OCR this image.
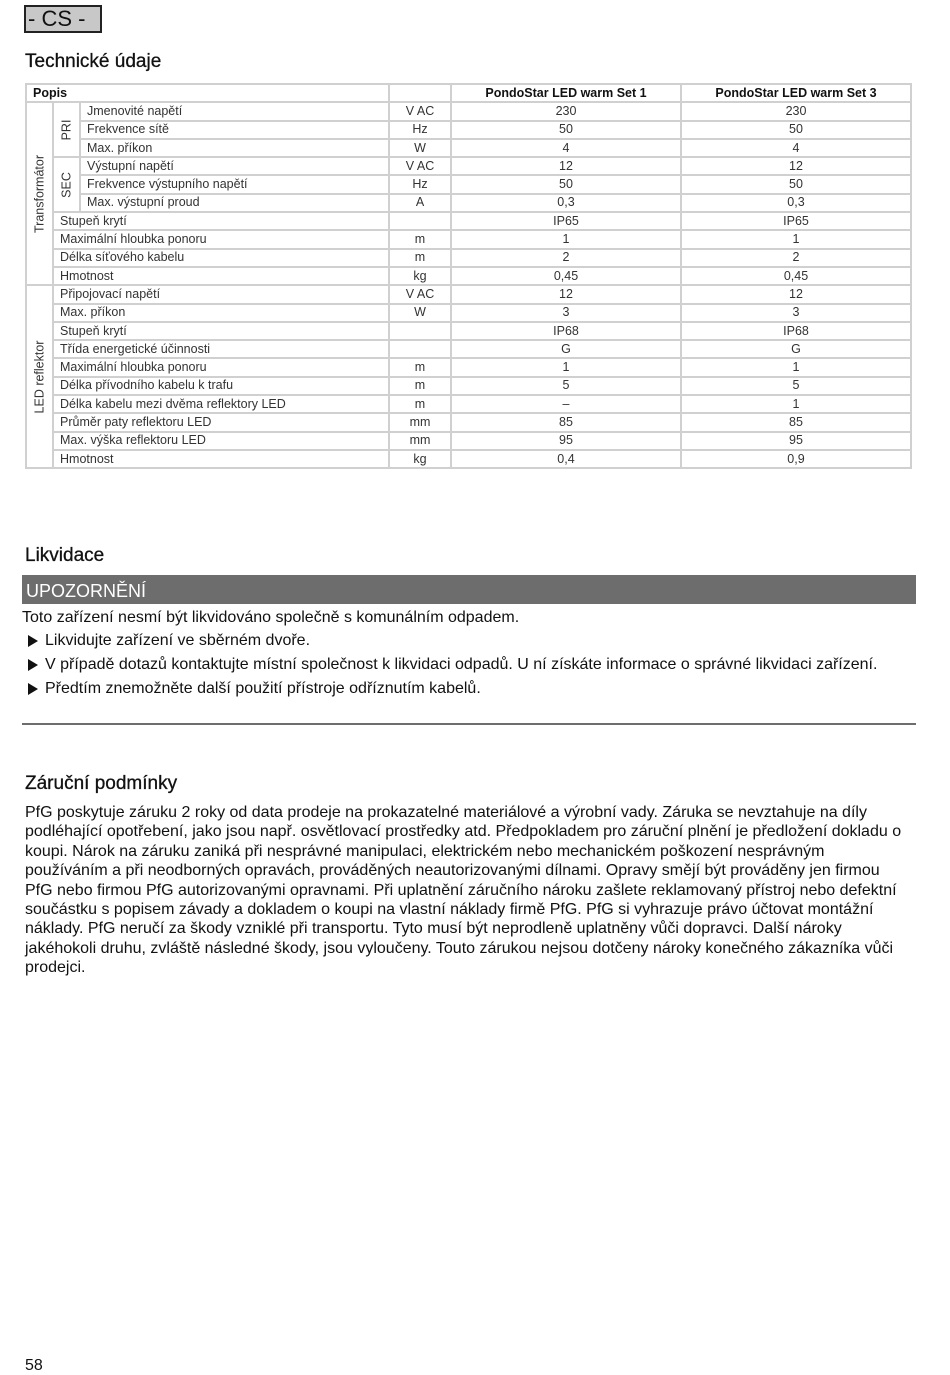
- CS -
Technické údaje
Popis				PondoStar LED warm Set 1	PondoStar LED warm Set 3

Transformátor	PRI	Jmenovité napětí	V AC	230	230
		Frekvence sítě	Hz	50	50
		Max. příkon	W	4	4

	SEC	Výstupní napětí	V AC	12	12
		Frekvence výstupního napětí	Hz	50	50
		Max. výstupní proud	A	0,3	0,3
	Stupeň krytí			IP65	IP65
	Maximální hloubka ponoru		m	1	1
	Délka síťového kabelu		m	2	2
	Hmotnost		kg	0,45	0,45

LED reflektor	Připojovací napětí		V AC	12	12
	Max. příkon		W	3	3
	Stupeň krytí			IP68	IP68
	Třída energetické účinnosti			G	G
	Maximální hloubka ponoru		m	1	1
	Délka přívodního kabelu k trafu		m	5	5
	Délka kabelu mezi dvěma reflektory LED		m	–	1
	Průměr paty reflektoru LED		mm	85	85
	Max. výška reflektoru LED		mm	95	95
	Hmotnost		kg	0,4	0,9
Likvidace
UPOZORNĚNÍ

Toto zařízení nesmí být likvidováno společně s komunálním odpadem.

Likvidujte zařízení ve sběrném dvoře.
V případě dotazů kontaktujte místní společnost k likvidaci odpadů. U ní získáte informace o správné likvidaci zařízení.
Předtím znemožněte další použití přístroje odříznutím kabelů.
Záruční podmínky

PfG poskytuje záruku 2 roky od data prodeje na prokazatelné materiálové a výrobní vady. Záruka se nevztahuje na díly podléhající opotřebení, jako jsou např. osvětlovací prostředky atd. Předpokladem pro záruční plnění je předložení dokladu o koupi. Nárok na záruku zaniká při nesprávné manipulaci, elektrickém nebo mechanickém poškození nesprávným používáním a při neodborných opravách, prováděných neautorizovanými dílnami. Opravy smějí být prováděny jen firmou PfG nebo firmou PfG autorizovanými opravnami. Při uplatnění záručního nároku zašlete reklamovaný přístroj nebo defektní součástku s popisem závady a dokladem o koupi na vlastní náklady firmě PfG. PfG si vyhrazuje právo účtovat montážní náklady. PfG neručí za škody vzniklé při transportu. Tyto musí být neprodleně uplatněny vůči dopravci. Další nároky jakéhokoli druhu, zvláště následné škody, jsou vyloučeny. Touto zárukou nejsou dotčeny nároky konečného zákazníka vůči prodejci.

58
